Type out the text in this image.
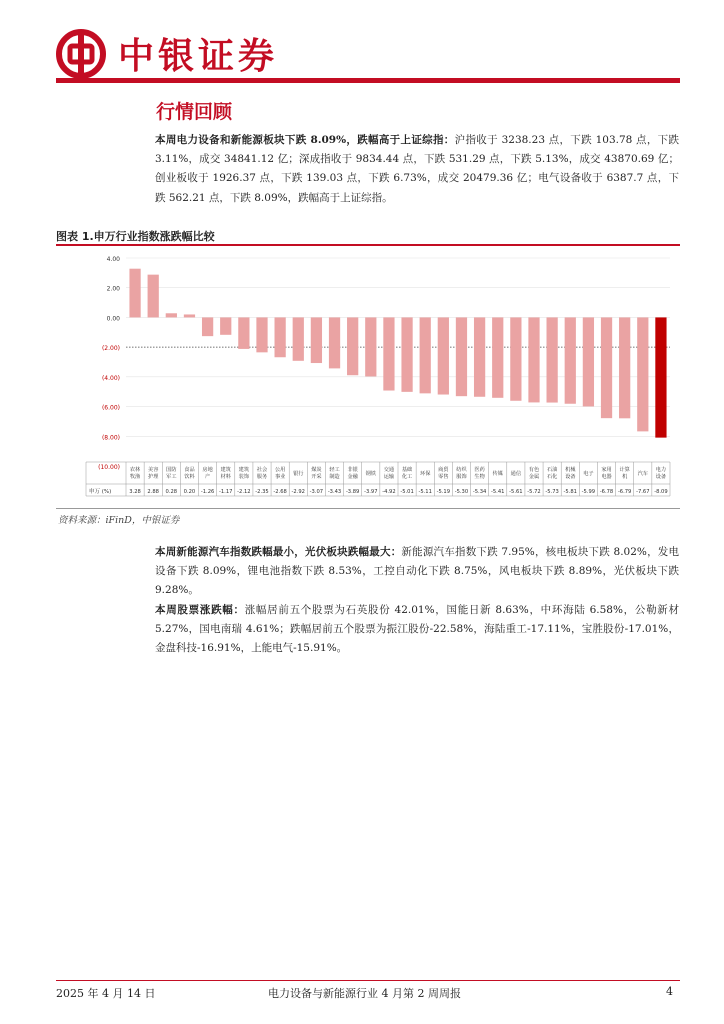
中银证券
行情回顾
本周电力设备和新能源板块下跌 8.09%，跌幅高于上证综指：沪指收于 3238.23 点，下跌 103.78 点，下跌 3.11%，成交 34841.12 亿；深成指收于 9834.44 点，下跌 531.29 点，下跌 5.13%，成交 43870.69 亿；创业板收于 1926.37 点，下跌 139.03 点，下跌 6.73%，成交 20479.36 亿；电气设备收于 6387.7 点，下跌 562.21 点，下跌 8.09%，跌幅高于上证综指。
图表 1.申万行业指数涨跌幅比较
4.00
2.00
0.00
(2.00)
(4.00)
(6.00)
(8.00)
(10.00)
申万 (%)
农林牧渔
3.28
美容护理
2.88
国防军工
0.28
食品饮料
0.20
房地产
-1.26
建筑材料
-1.17
建筑装饰
-2.12
社会服务
-2.35
公用事业
-2.68
银行
-2.92
煤炭开采
-3.07
轻工制造
-3.43
非银金融
-3.89
钢铁
-3.97
交通运输
-4.92
基础化工
-5.01
环保
-5.11
商贸零售
-5.19
纺织服饰
-5.30
医药生物
-5.34
传媒
-5.41
通信
-5.61
有色金属
-5.72
石油石化
-5.73
机械设备
-5.81
电子
-5.99
家用电器
-6.78
计算机
-6.79
汽车
-7.67
电力设备
-8.09
资料来源：iFinD，中银证券
本周新能源汽车指数跌幅最小，光伏板块跌幅最大：新能源汽车指数下跌 7.95%，核电板块下跌 8.02%，发电设备下跌 8.09%，锂电池指数下跌 8.53%，工控自动化下跌 8.75%，风电板块下跌 8.89%，光伏板块下跌 9.28%。
本周股票涨跌幅：涨幅居前五个股票为石英股份 42.01%，国能日新 8.63%，中环海陆 6.58%，公勒新材 5.27%，国电南瑞 4.61%；跌幅居前五个股票为振江股份-22.58%，海陆重工-17.11%，宝胜股份-17.01%，金盘科技-16.91%，上能电气-15.91%。
2025 年 4 月 14 日	电力设备与新能源行业 4 月第 2 周周报	4
